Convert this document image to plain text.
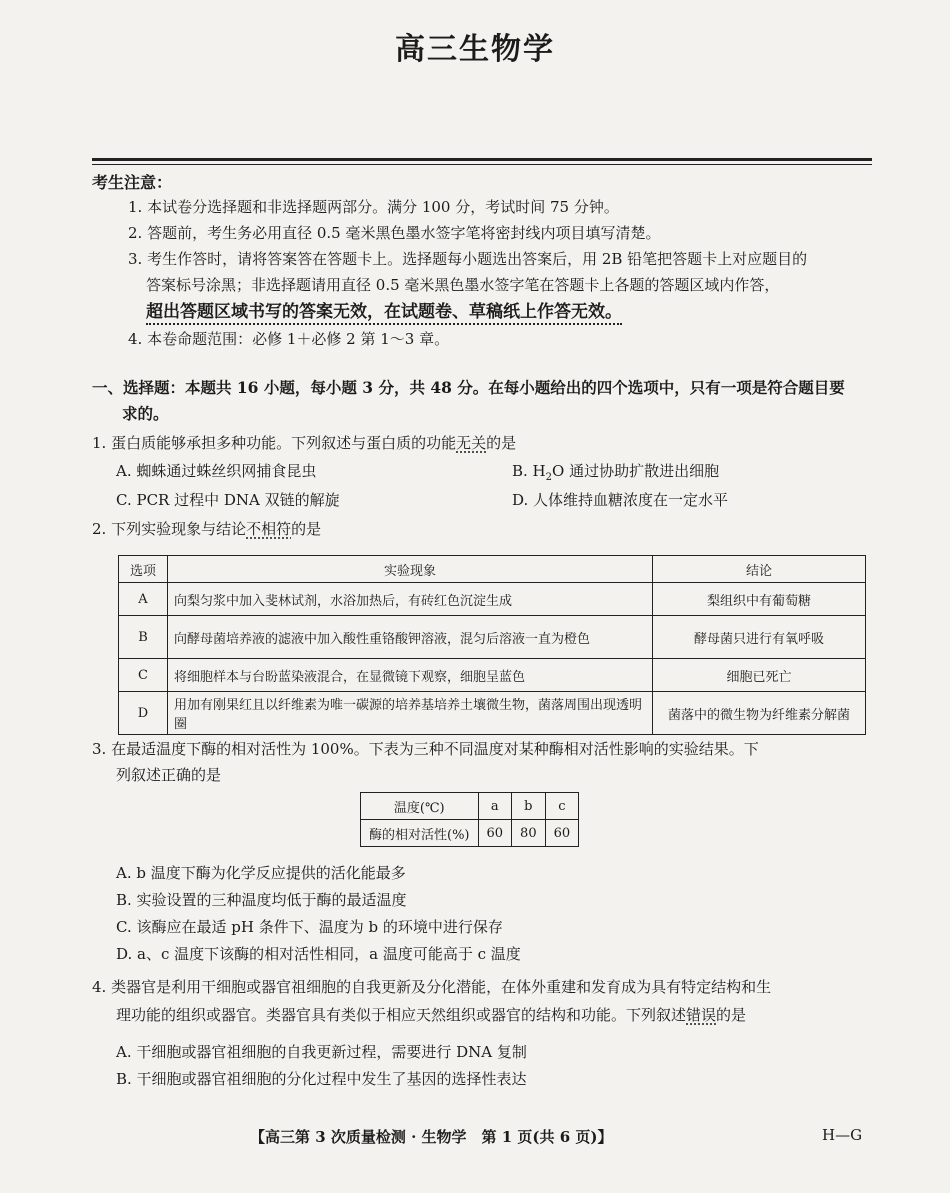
高三生物学
考生注意：
1. 本试卷分选择题和非选择题两部分。满分 100 分，考试时间 75 分钟。
2. 答题前，考生务必用直径 0.5 毫米黑色墨水签字笔将密封线内项目填写清楚。
3. 考生作答时，请将答案答在答题卡上。选择题每小题选出答案后，用 2B 铅笔把答题卡上对应题目的
答案标号涂黑；非选择题请用直径 0.5 毫米黑色墨水签字笔在答题卡上各题的答题区域内作答，
超出答题区域书写的答案无效，在试题卷、草稿纸上作答无效。
4. 本卷命题范围：必修 1＋必修 2 第 1～3 章。
一、选择题：本题共 16 小题，每小题 3 分，共 48 分。在每小题给出的四个选项中，只有一项是符合题目要
求的。
1. 蛋白质能够承担多种功能。下列叙述与蛋白质的功能无关的是
A. 蜘蛛通过蛛丝织网捕食昆虫	B. $H_2O$ 通过协助扩散进出细胞
C. PCR 过程中 DNA 双链的解旋	D. 人体维持血糖浓度在一定水平
2. 下列实验现象与结论不相符的是
选项	实验现象	结论
A	向梨匀浆中加入斐林试剂，水浴加热后，有砖红色沉淀生成	梨组织中有葡萄糖
B	向酵母菌培养液的滤液中加入酸性重铬酸钾溶液，混匀后溶液一直为橙色	酵母菌只进行有氧呼吸
C	将细胞样本与台盼蓝染液混合，在显微镜下观察，细胞呈蓝色	细胞已死亡
D	用加有刚果红且以纤维素为唯一碳源的培养基培养土壤微生物，菌落周围出现透明圈	菌落中的微生物为纤维素分解菌
3. 在最适温度下酶的相对活性为 100%。下表为三种不同温度对某种酶相对活性影响的实验结果。下
列叙述正确的是
温度(℃)	a	b	c
酶的相对活性(%)	60	80	60
A. b 温度下酶为化学反应提供的活化能最多
B. 实验设置的三种温度均低于酶的最适温度
C. 该酶应在最适 pH 条件下、温度为 b 的环境中进行保存
D. a、c 温度下该酶的相对活性相同，a 温度可能高于 c 温度
4. 类器官是利用干细胞或器官祖细胞的自我更新及分化潜能，在体外重建和发育成为具有特定结构和生
理功能的组织或器官。类器官具有类似于相应天然组织或器官的结构和功能。下列叙述错误的是
A. 干细胞或器官祖细胞的自我更新过程，需要进行 DNA 复制
B. 干细胞或器官祖细胞的分化过程中发生了基因的选择性表达
【高三第 3 次质量检测 · 生物学　第 1 页(共 6 页)】	H—G
